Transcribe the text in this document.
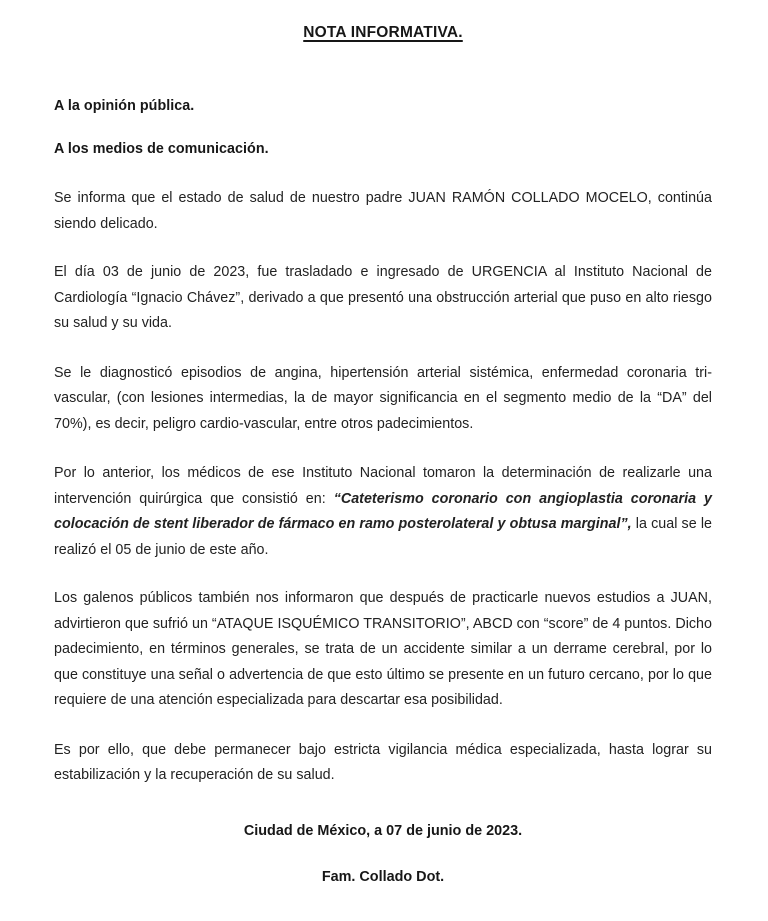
NOTA INFORMATIVA.

A la opinión pública.

A los medios de comunicación.

Se informa que el estado de salud de nuestro padre JUAN RAMÓN COLLADO MOCELO, continúa siendo delicado.

El día 03 de junio de 2023, fue trasladado e ingresado de URGENCIA al Instituto Nacional de Cardiología “Ignacio Chávez”, derivado a que presentó una obstrucción arterial que puso en alto riesgo su salud y su vida.

Se le diagnosticó episodios de angina, hipertensión arterial sistémica, enfermedad coronaria tri-vascular, (con lesiones intermedias, la de mayor significancia en el segmento medio de la “DA” del 70%), es decir, peligro cardio-vascular, entre otros padecimientos.

Por lo anterior, los médicos de ese Instituto Nacional tomaron la determinación de realizarle una intervención quirúrgica que consistió en: “Cateterismo coronario con angioplastia coronaria y colocación de stent liberador de fármaco en ramo posterolateral y obtusa marginal”, la cual se le realizó el 05 de junio de este año.

Los galenos públicos también nos informaron que después de practicarle nuevos estudios a JUAN, advirtieron que sufrió un “ATAQUE ISQUÉMICO TRANSITORIO”, ABCD con “score” de 4 puntos. Dicho padecimiento, en términos generales, se trata de un accidente similar a un derrame cerebral, por lo que constituye una señal o advertencia de que esto último se presente en un futuro cercano, por lo que requiere de una atención especializada para descartar esa posibilidad.

Es por ello, que debe permanecer bajo estricta vigilancia médica especializada, hasta lograr su estabilización y la recuperación de su salud.

Ciudad de México, a 07 de junio de 2023.

Fam. Collado Dot.
